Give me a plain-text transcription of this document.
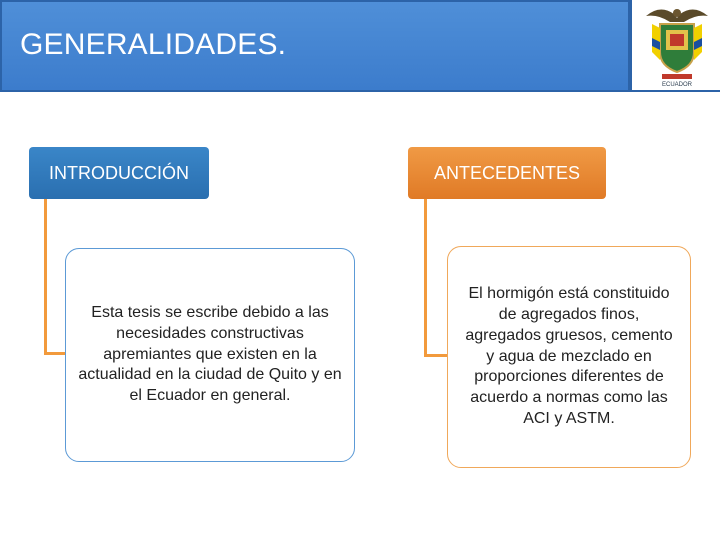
GENERALIDADES.
ECUADOR
INTRODUCCIÓN	ANTECEDENTES
Esta tesis se escribe debido a las necesidades constructivas apremiantes que existen en la actualidad en la ciudad de Quito y en el Ecuador en general.
El hormigón está constituido de agregados finos, agregados gruesos, cemento y agua de mezclado en proporciones diferentes de acuerdo a normas como las ACI y ASTM.
